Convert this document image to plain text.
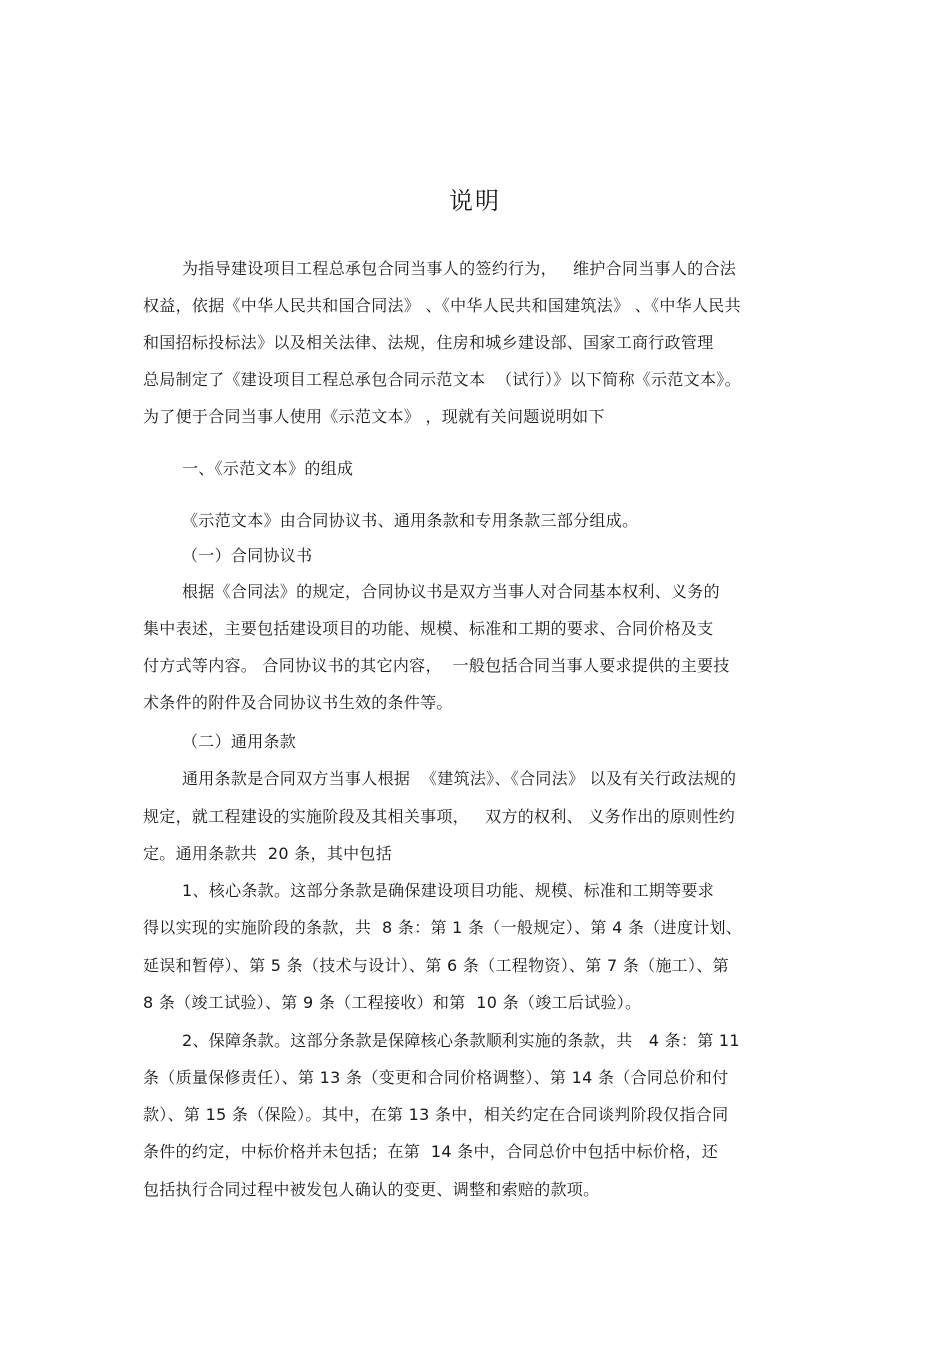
说明
为指导建设项目工程总承包合同当事人的签约行为，   维护合同当事人的合法
权益，依据《中华人民共和国合同法》 、《中华人民共和国建筑法》 、《中华人民共
和国招标投标法》以及相关法律、法规，住房和城乡建设部、国家工商行政管理
总局制定了《建设项目工程总承包合同示范文本  （试行）》以下简称《示范文本》。
为了便于合同当事人使用《示范文本》 ，现就有关问题说明如下
一、《示范文本》的组成
《示范文本》由合同协议书、通用条款和专用条款三部分组成。
（一）合同协议书
根据《合同法》的规定，合同协议书是双方当事人对合同基本权利、义务的
集中表述，主要包括建设项目的功能、规模、标准和工期的要求、合同价格及支
付方式等内容。 合同协议书的其它内容，  一般包括合同当事人要求提供的主要技
术条件的附件及合同协议书生效的条件等。
（二）通用条款
通用条款是合同双方当事人根据  《建筑法》、《合同法》 以及有关行政法规的
规定，就工程建设的实施阶段及其相关事项，   双方的权利、 义务作出的原则性约
定。通用条款共  20 条，其中包括
1、核心条款。这部分条款是确保建设项目功能、规模、标准和工期等要求
得以实现的实施阶段的条款，共  8 条：第 1 条（一般规定）、第 4 条（进度计划、
延误和暂停）、第 5 条（技术与设计）、第 6 条（工程物资）、第 7 条（施工）、第
8 条（竣工试验）、第 9 条（工程接收）和第  10 条（竣工后试验）。
2、保障条款。这部分条款是保障核心条款顺利实施的条款，共   4 条：第 11
条（质量保修责任）、第 13 条（变更和合同价格调整）、第 14 条（合同总价和付
款）、第 15 条（保险）。其中，在第 13 条中，相关约定在合同谈判阶段仅指合同
条件的约定，中标价格并未包括；在第  14 条中，合同总价中包括中标价格，还
包括执行合同过程中被发包人确认的变更、调整和索赔的款项。
